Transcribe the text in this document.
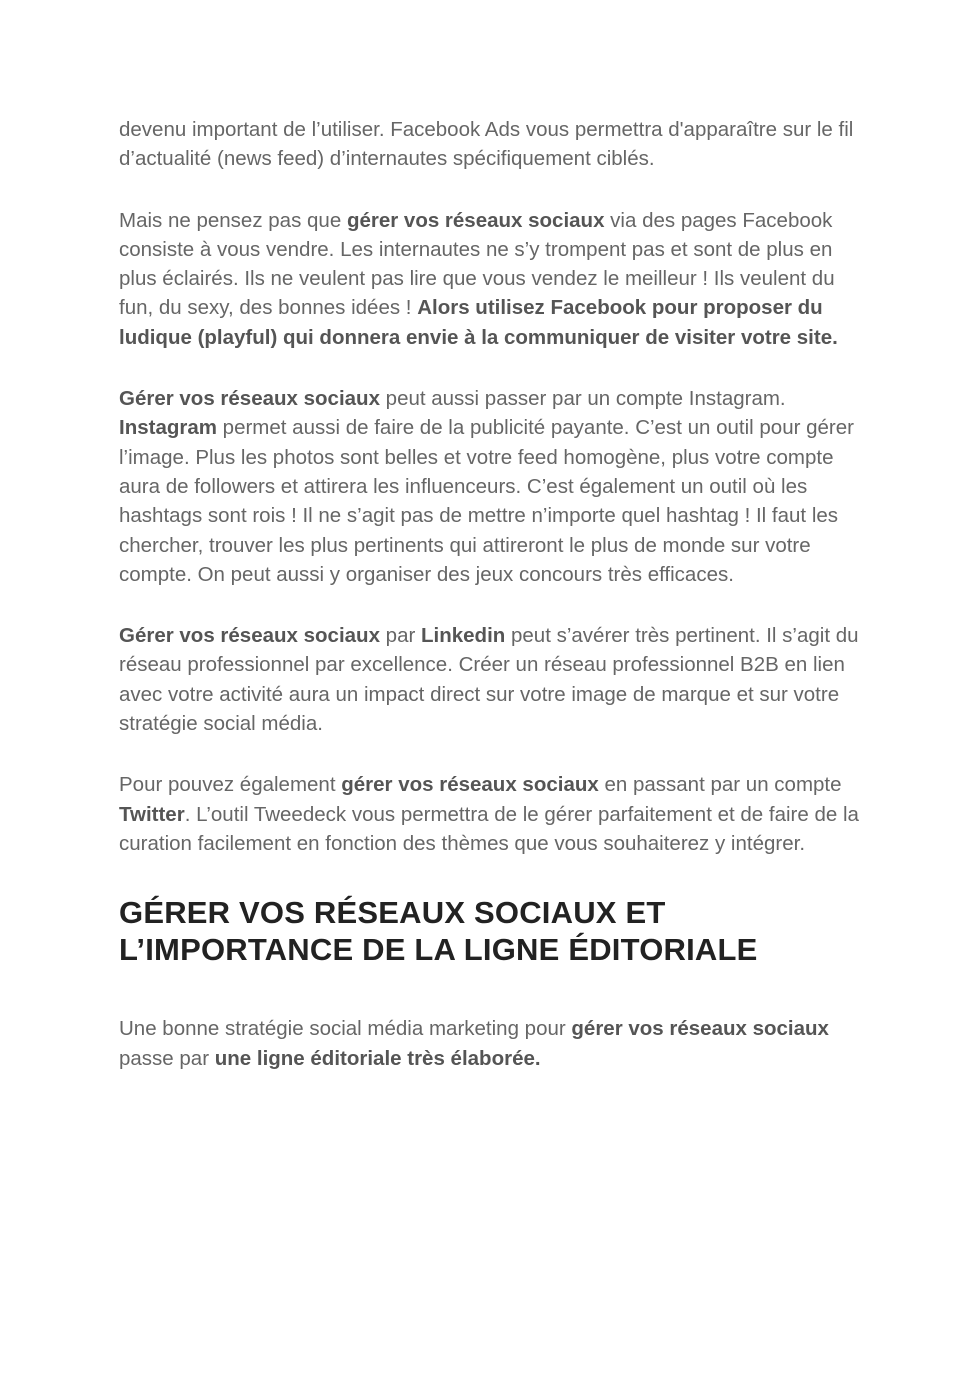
devenu important de l’utiliser. Facebook Ads vous permettra d'apparaître sur le fil d’actualité (news feed) d’internautes spécifiquement ciblés.

Mais ne pensez pas que gérer vos réseaux sociaux via des pages Facebook consiste à vous vendre. Les internautes ne s’y trompent pas et sont de plus en plus éclairés. Ils ne veulent pas lire que vous vendez le meilleur ! Ils veulent du fun, du sexy, des bonnes idées ! Alors utilisez Facebook pour proposer du ludique (playful) qui donnera envie à la communiquer de visiter votre site.

Gérer vos réseaux sociaux peut aussi passer par un compte Instagram. Instagram permet aussi de faire de la publicité payante. C’est un outil pour gérer l’image. Plus les photos sont belles et votre feed homogène, plus votre compte aura de followers et attirera les influenceurs. C’est également un outil où les hashtags sont rois ! Il ne s’agit pas de mettre n’importe quel hashtag ! Il faut les chercher, trouver les plus pertinents qui attireront le plus de monde sur votre compte. On peut aussi y organiser des jeux concours très efficaces.

Gérer vos réseaux sociaux par Linkedin peut s’avérer très pertinent. Il s’agit du réseau professionnel par excellence. Créer un réseau professionnel B2B en lien avec votre activité aura un impact direct sur votre image de marque et sur votre stratégie social média.

Pour pouvez également gérer vos réseaux sociaux en passant par un compte Twitter. L’outil Tweedeck vous permettra de le gérer parfaitement et de faire de la curation facilement en fonction des thèmes que vous souhaiterez y intégrer.

GÉRER VOS RÉSEAUX SOCIAUX ET L’IMPORTANCE DE LA LIGNE ÉDITORIALE

Une bonne stratégie social média marketing pour gérer vos réseaux sociaux passe par une ligne éditoriale très élaborée.
